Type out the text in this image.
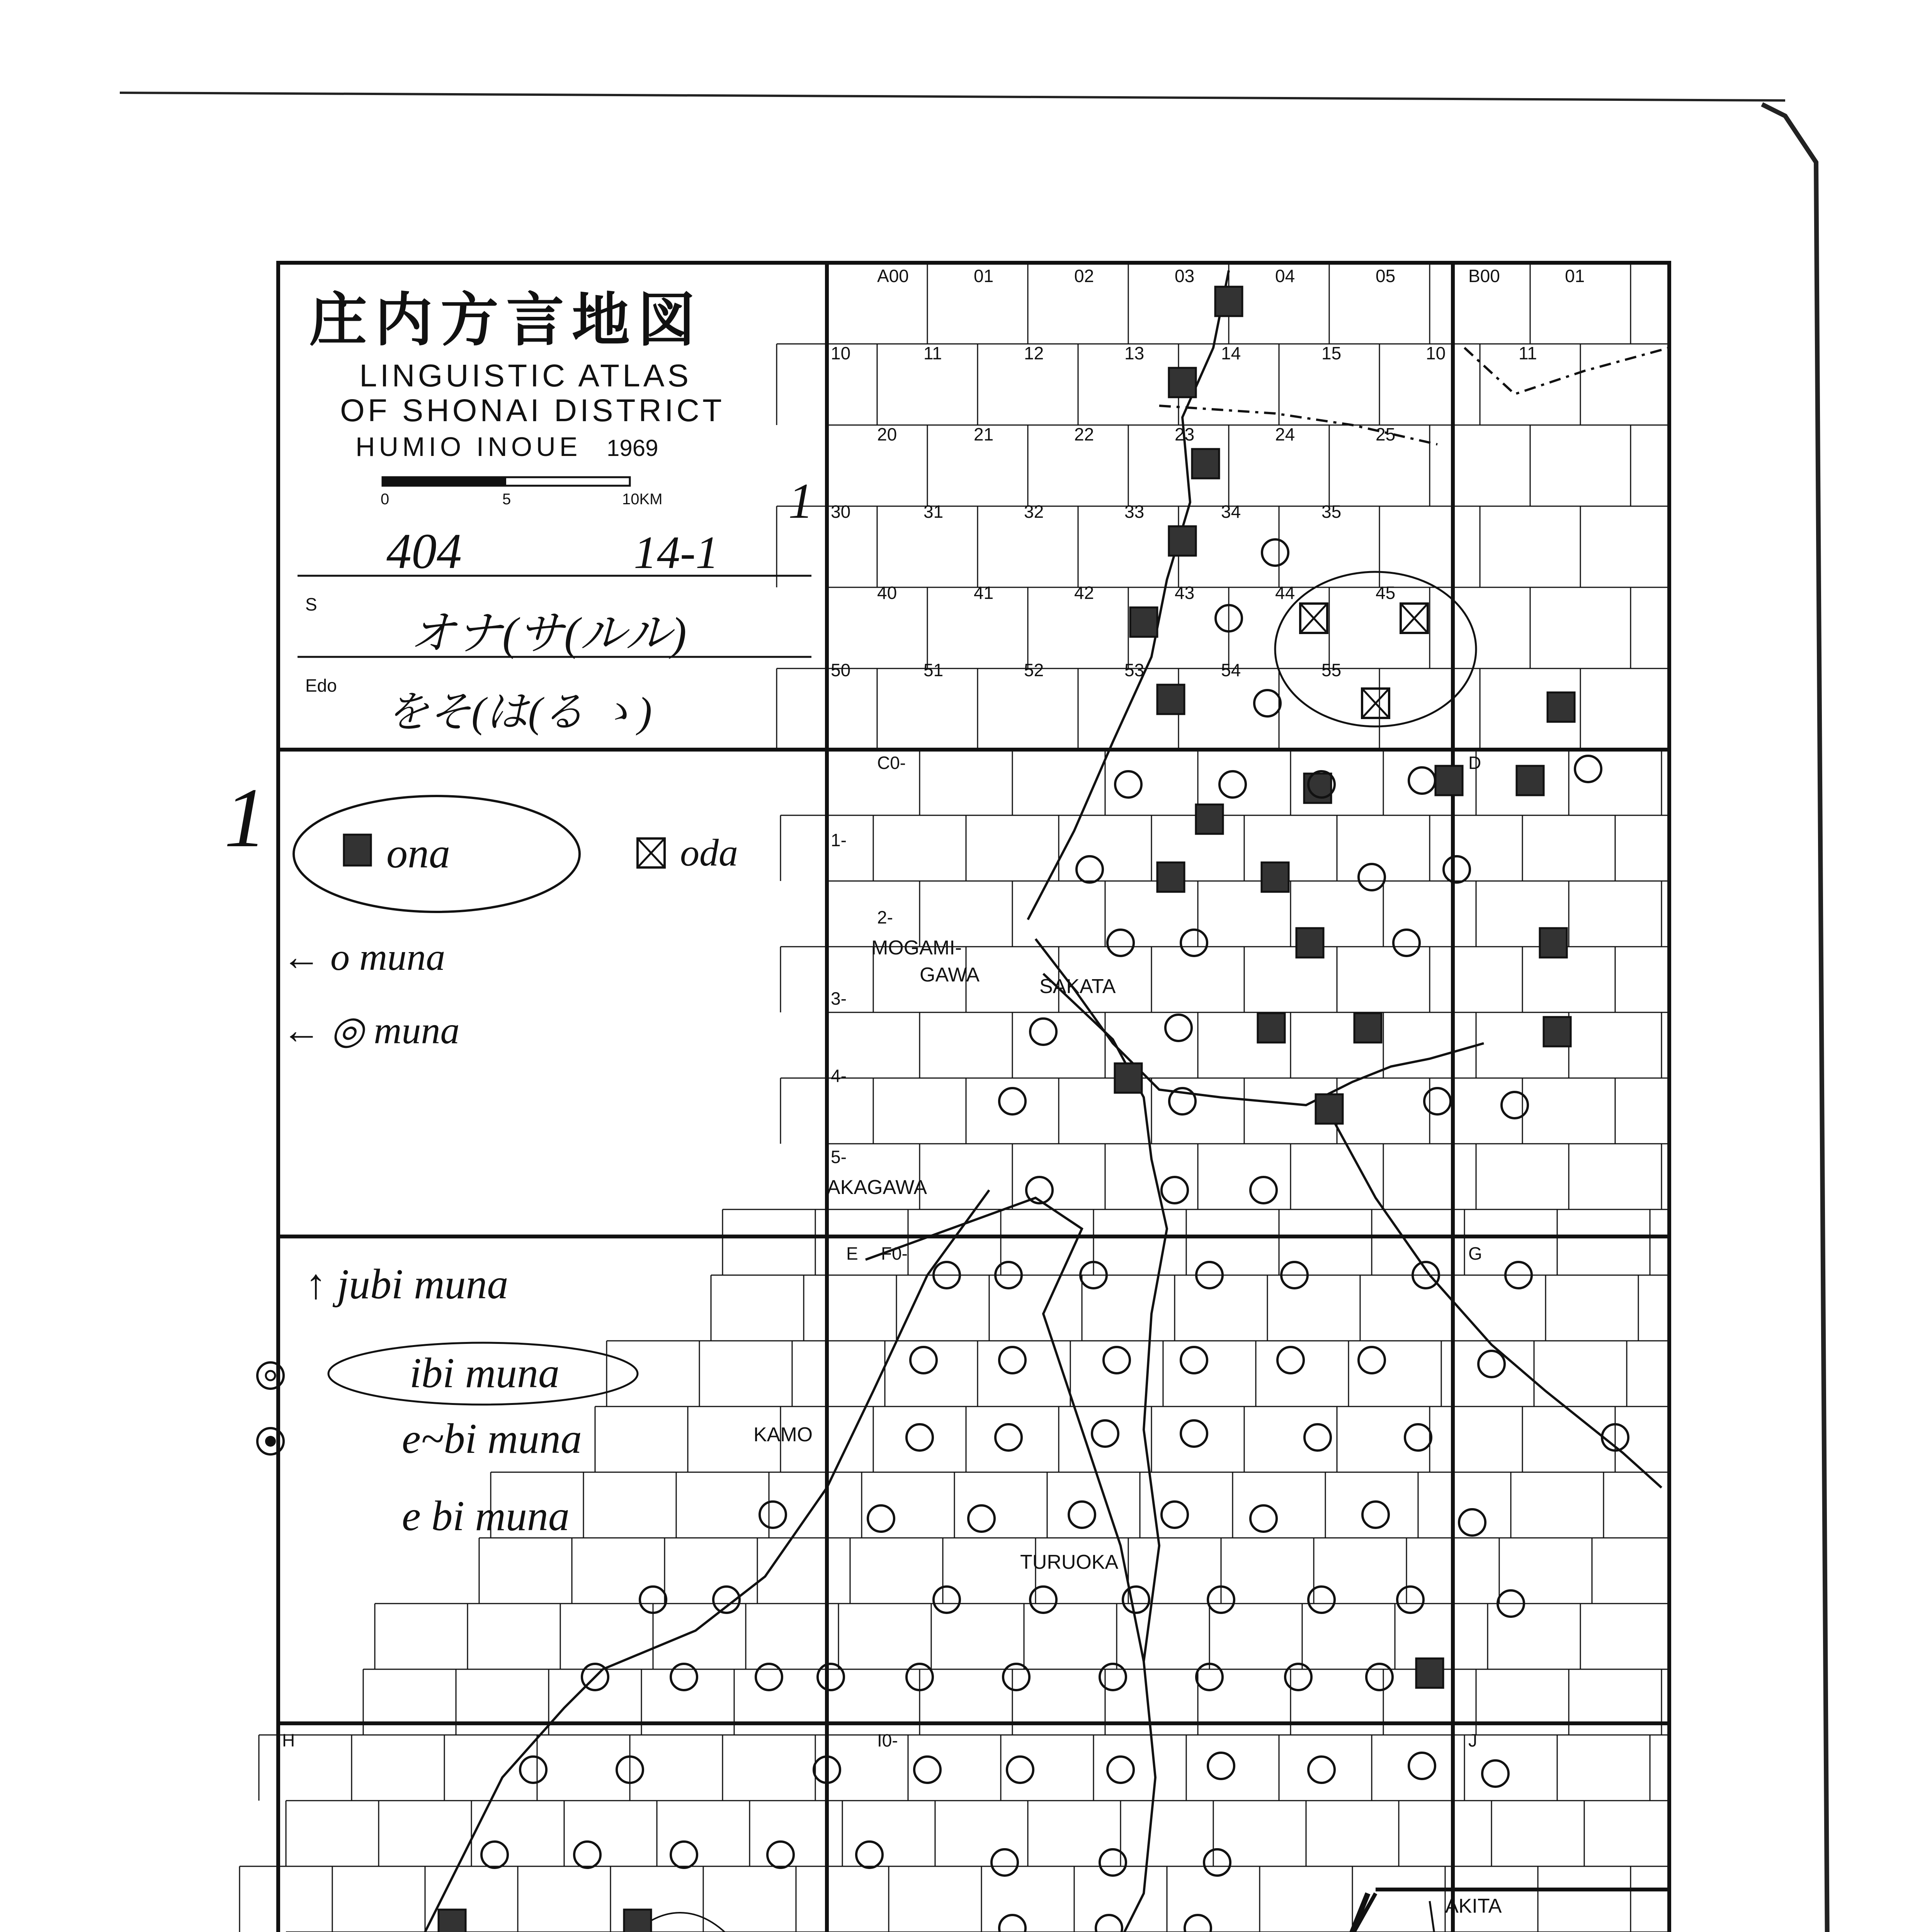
庄内方言地図
LINGUISTIC ATLAS
OF SHONAI DISTRICT
HUMIO INOUE 1969
0	5	10KM
404	14-1
1
S
オナ(サ(ルル)
Edo
をそ(は(る ゝ)
1	ona	oda
← o muna
← ◎ muna
↑ jubi muna
ibi muna
e~bi muna
e bi muna
A00	01	02	03	04	05	B00	01
10	11	12	13	14	15	10	11
20	21	22	23	24	25
30	31	32	33	34	35
40	41	42	43	44	45
50	51	52	53	54	55
C0-
1-
2-
3-
4-
5-
D
E F0-	G
H	I0-	J
MOGAMI-
GAWA
SAKATA
AKAGAWA
KAMO
TURUOKA
AKITA
